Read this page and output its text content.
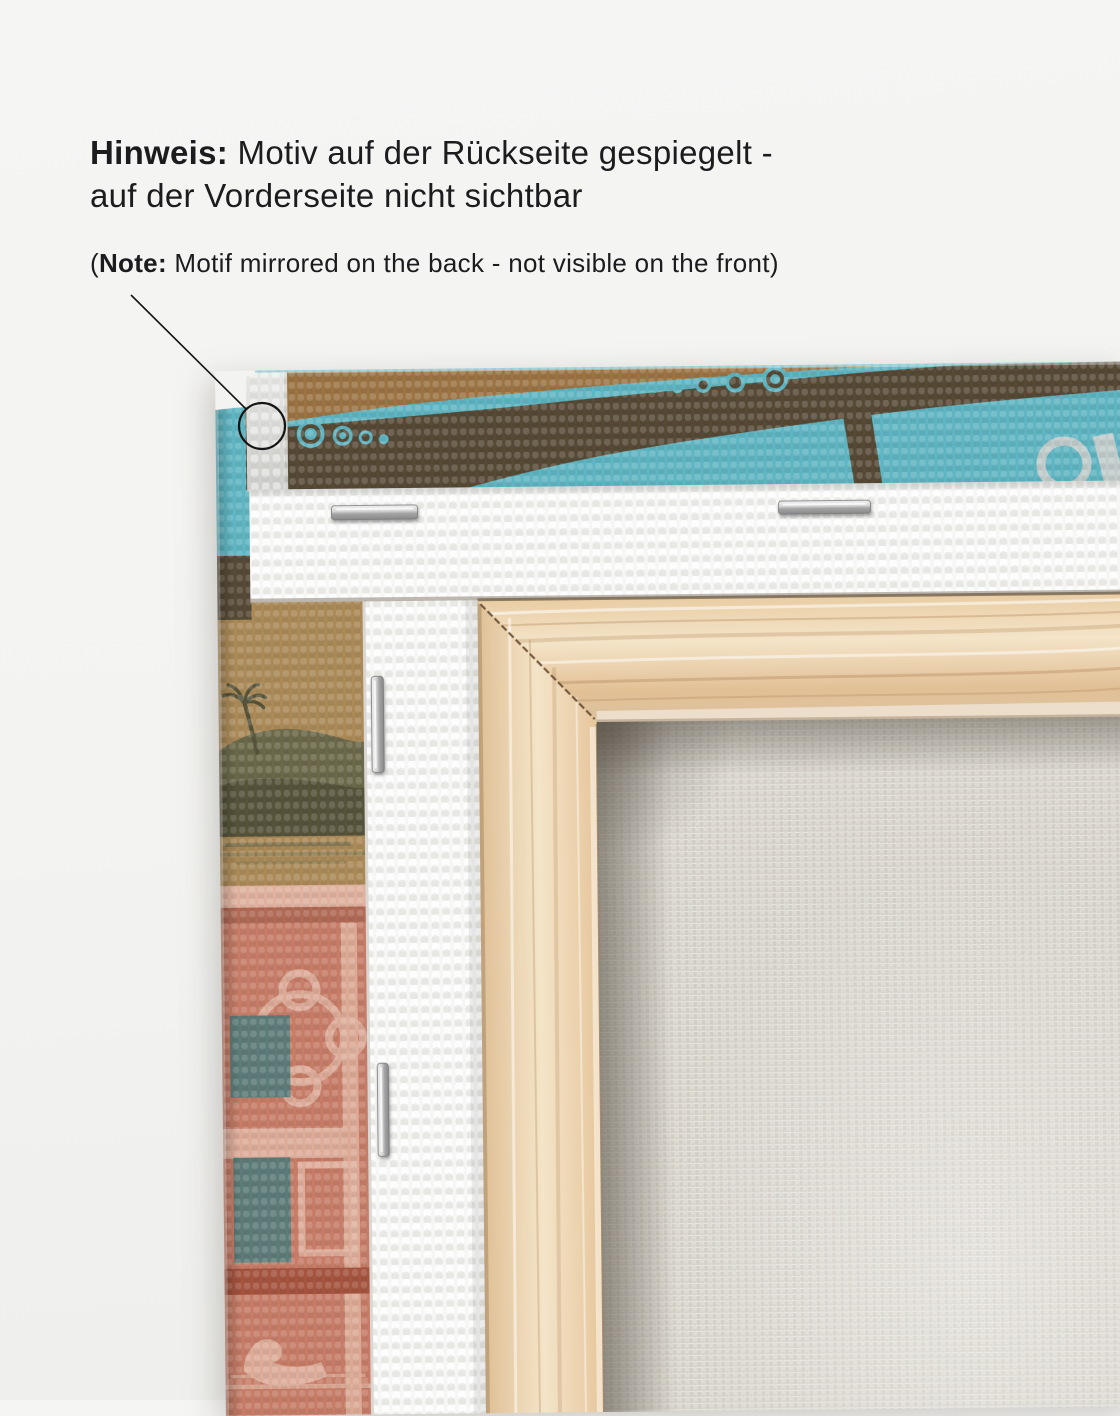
Hinweis: Motiv auf der Rückseite gespiegelt -
auf der Vorderseite nicht sichtbar
(Note: Motif mirrored on the back - not visible on the front)
